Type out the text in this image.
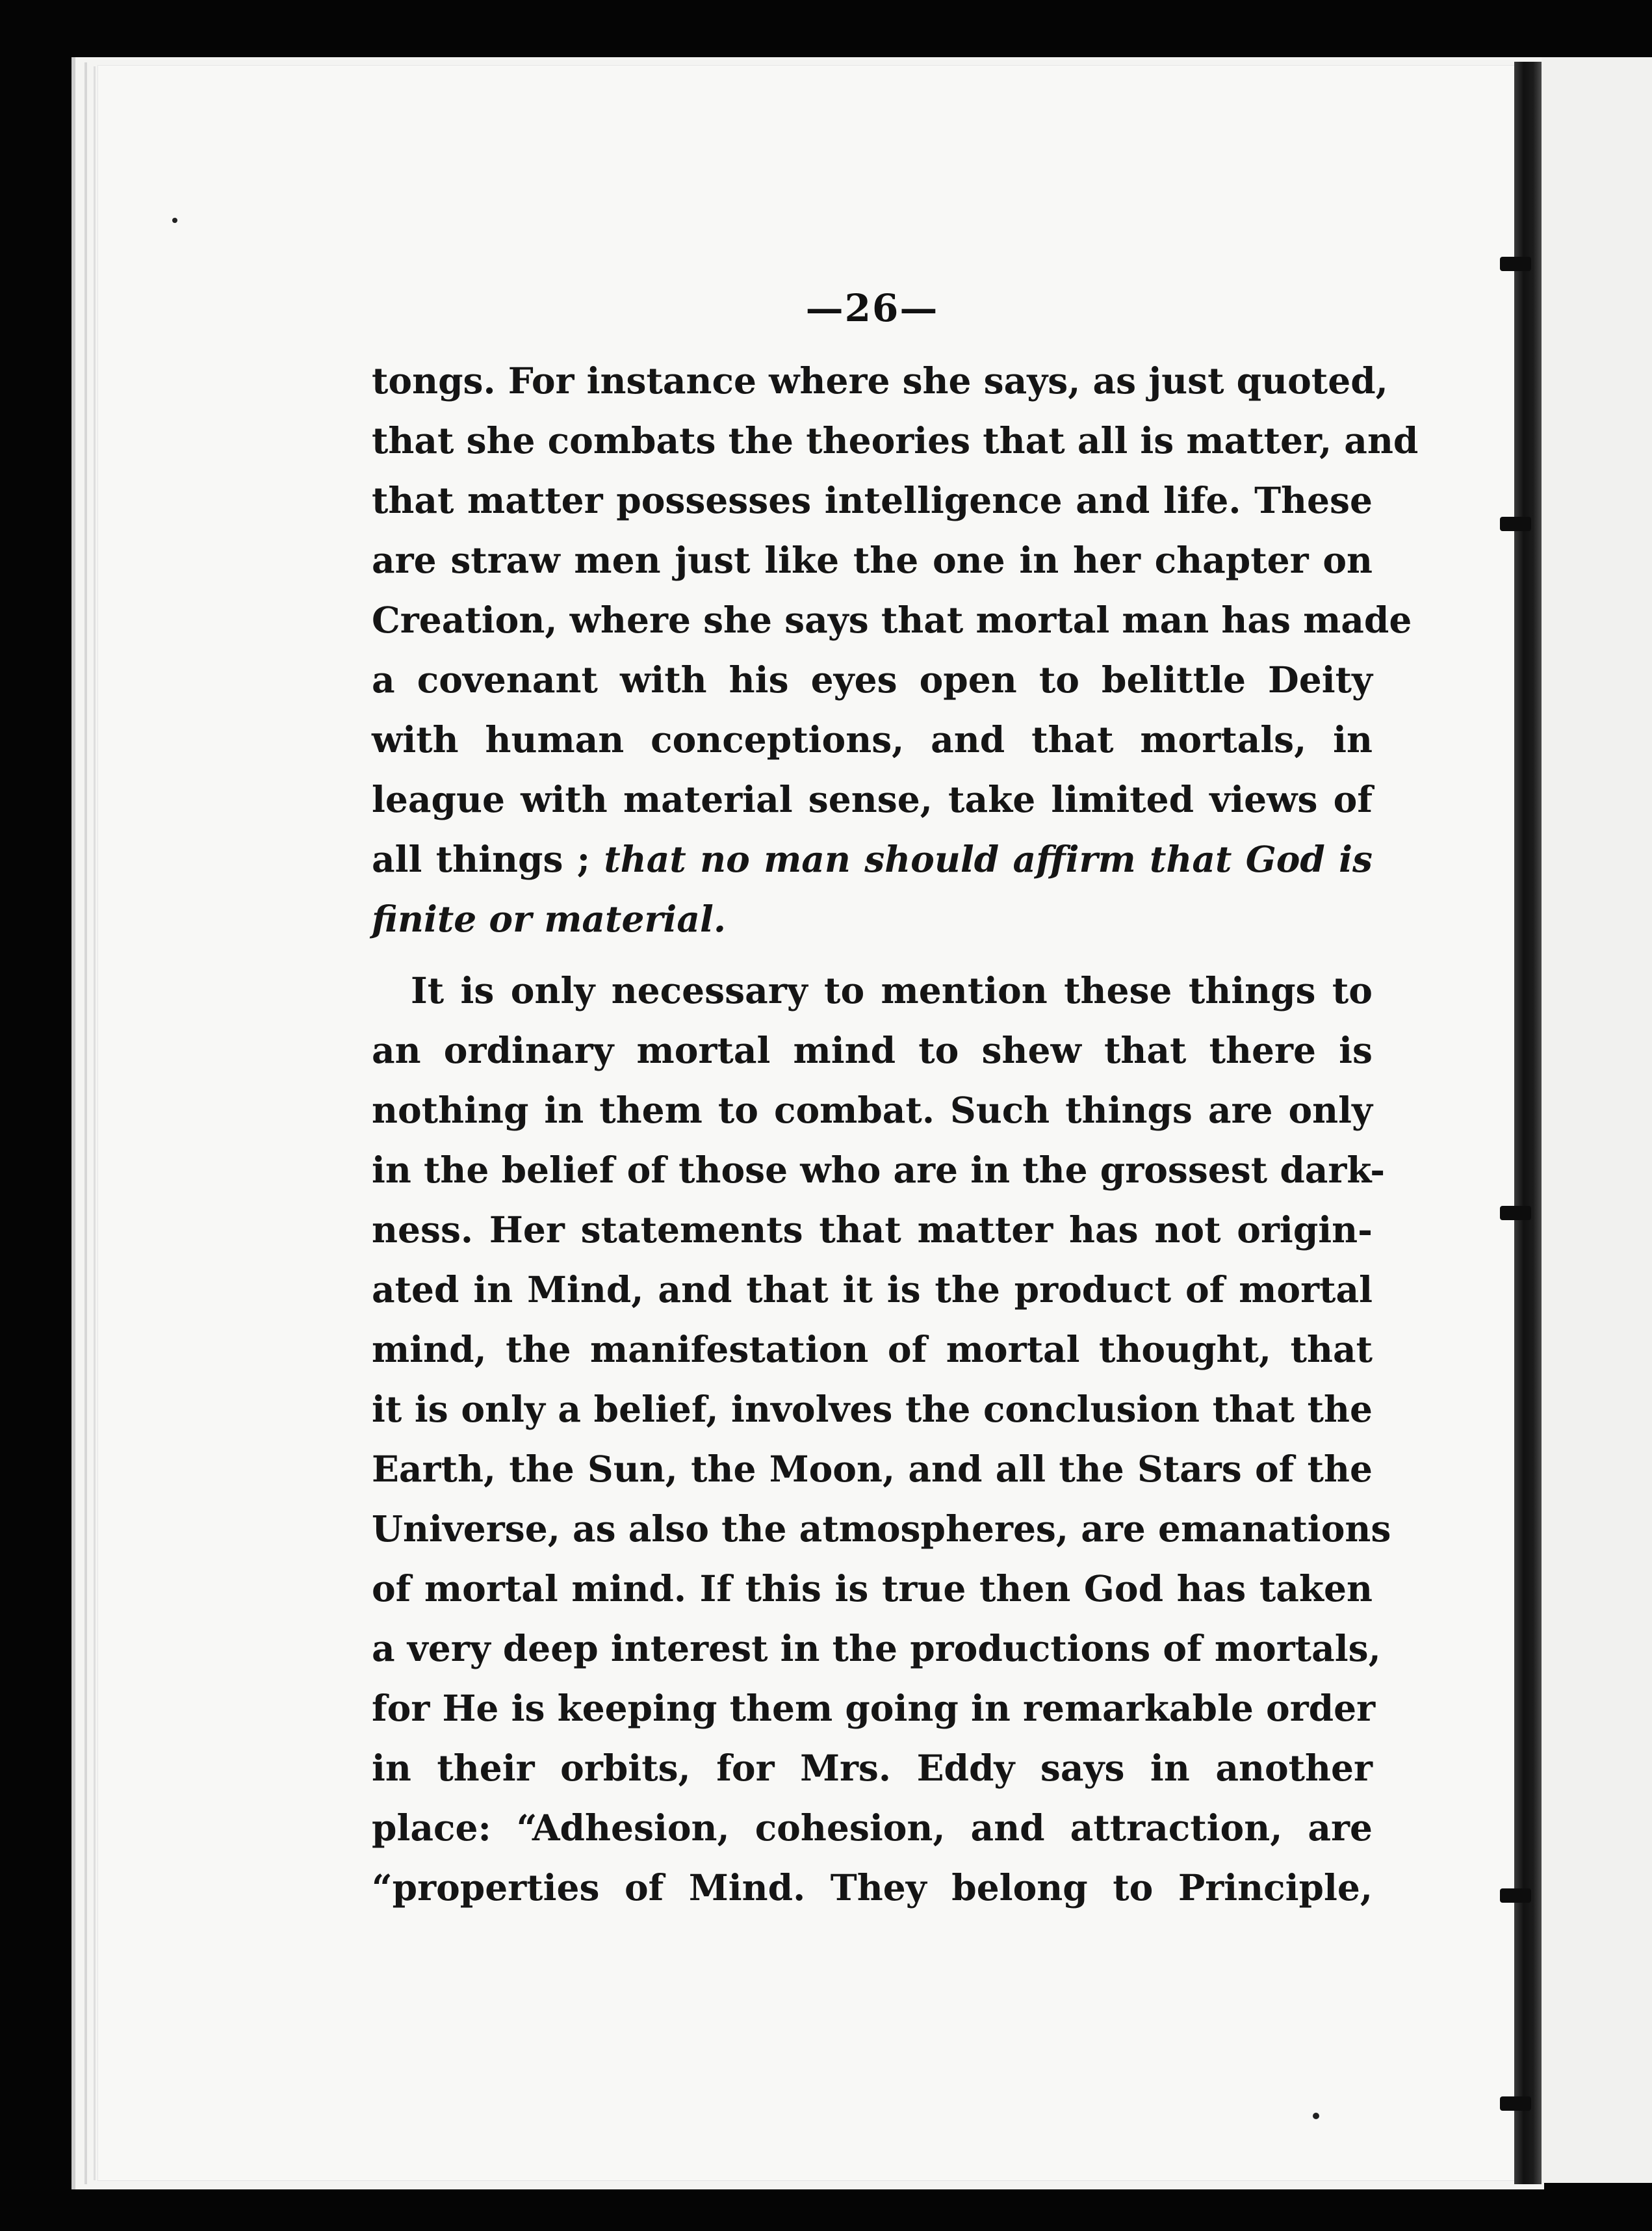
—26—
tongs. For instance where she says, as just quoted,
that she combats the theories that all is matter, and
that matter possesses intelligence and life. These
are straw men just like the one in her chapter on
Creation, where she says that mortal man has made
a covenant with his eyes open to belittle Deity
with human conceptions, and that mortals, in
league with material sense, take limited views of
all things ; that no man should affirm that God is
finite or material.
It is only necessary to mention these things to
an ordinary mortal mind to shew that there is
nothing in them to combat. Such things are only
in the belief of those who are in the grossest dark-
ness. Her statements that matter has not origin-
ated in Mind, and that it is the product of mortal
mind, the manifestation of mortal thought, that
it is only a belief, involves the conclusion that the
Earth, the Sun, the Moon, and all the Stars of the
Universe, as also the atmospheres, are emanations
of mortal mind. If this is true then God has taken
a very deep interest in the productions of mortals,
for He is keeping them going in remarkable order
in their orbits, for Mrs. Eddy says in another
place: “Adhesion, cohesion, and attraction, are
“properties of Mind. They belong to Principle,
